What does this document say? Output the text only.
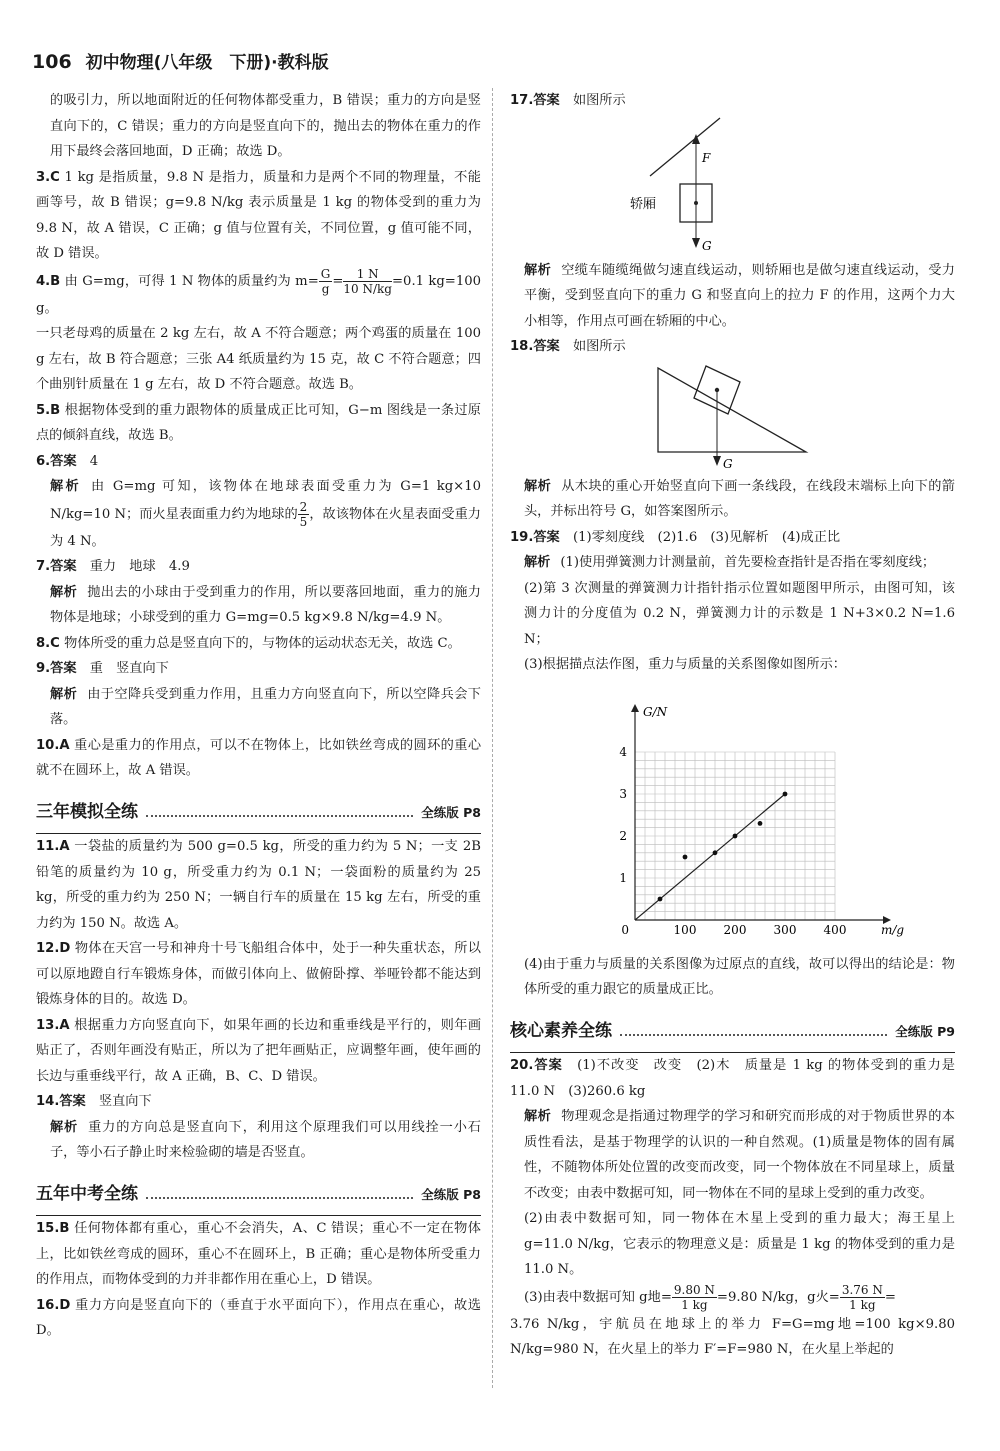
106 初中物理(八年级　下册)·教科版

的吸引力，所以地面附近的任何物体都受重力，B 错误；重力的方向是竖直向下的，C 错误；重力的方向是竖直向下的，抛出去的物体在重力的作用下最终会落回地面，D 正确；故选 D。

3.C 1 kg 是指质量，9.8 N 是指力，质量和力是两个不同的物理量，不能画等号，故 B 错误；g=9.8 N/kg 表示质量是 1 kg 的物体受到的重力为 9.8 N，故 A 错误，C 正确；g 值与位置有关，不同位置，g 值可能不同，故 D 错误。

4.B 由 G=mg，可得 1 N 物体的质量约为 $m= \frac{G}{g} = \frac{1 N}{10 N/kg} =0.1$ kg=100 g。

一只老母鸡的质量在 2 kg 左右，故 A 不符合题意；两个鸡蛋的质量在 100 g 左右，故 B 符合题意；三张 A4 纸质量约为 15 克，故 C 不符合题意；四个曲别针质量在 1 g 左右，故 D 不符合题意。故选 B。

5.B 根据物体受到的重力跟物体的质量成正比可知，G−m 图线是一条过原点的倾斜直线，故选 B。

6.答案　 4

解析 由 G=mg 可知，该物体在地球表面受重力为 G=1 kg×10 N/kg=10 N；而火星表面重力约为地球的 $\frac{2}{5}$ ，故该物体在火星表面受重力为 4 N。

7.答案　 重力　地球　4.9

解析 抛出去的小球由于受到重力的作用，所以要落回地面，重力的施力物体是地球；小球受到的重力 G=mg=0.5 kg×9.8 N/kg=4.9 N。

8.C 物体所受的重力总是竖直向下的，与物体的运动状态无关，故选 C。

9.答案　 重　竖直向下

解析 由于空降兵受到重力作用，且重力方向竖直向下，所以空降兵会下落。

10.A 重心是重力的作用点，可以不在物体上，比如铁丝弯成的圆环的重心就不在圆环上，故 A 错误。

三年模拟全练	全练版 P8

11.A 一袋盐的质量约为 500 g=0.5 kg，所受的重力约为 5 N；一支 2B 铅笔的质量约为 10 g，所受重力约为 0.1 N；一袋面粉的质量约为 25 kg，所受的重力约为 250 N；一辆自行车的质量在 15 kg 左右，所受的重力约为 150 N。故选 A。

12.D 物体在天宫一号和神舟十号飞船组合体中，处于一种失重状态，所以可以原地蹬自行车锻炼身体，而做引体向上、做俯卧撑、举哑铃都不能达到锻炼身体的目的。故选 D。

13.A 根据重力方向竖直向下，如果年画的长边和重垂线是平行的，则年画贴正了，否则年画没有贴正，所以为了把年画贴正，应调整年画，使年画的长边与重垂线平行，故 A 正确，B、C、D 错误。

14.答案　 竖直向下

解析 重力的方向总是竖直向下，利用这个原理我们可以用线拴一小石子，等小石子静止时来检验砌的墙是否竖直。

五年中考全练	全练版 P8

15.B 任何物体都有重心，重心不会消失，A、C 错误；重心不一定在物体上，比如铁丝弯成的圆环，重心不在圆环上，B 正确；重心是物体所受重力的作用点，而物体受到的力并非都作用在重心上，D 错误。

16.D 重力方向是竖直向下的（垂直于水平面向下），作用点在重心，故选 D。

17.答案　 如图所示

F
G
轿厢

解析 空缆车随缆绳做匀速直线运动，则轿厢也是做匀速直线运动，受力平衡，受到竖直向下的重力 G 和竖直向上的拉力 F 的作用，这两个力大小相等，作用点可画在轿厢的中心。

18.答案　 如图所示

G

解析 从木块的重心开始竖直向下画一条线段，在线段末端标上向下的箭头，并标出符号 G，如答案图所示。

19.答案　 (1)零刻度线　(2)1.6　(3)见解析　(4)成正比

解析 (1)使用弹簧测力计测量前，首先要检查指针是否指在零刻度线；

(2)第 3 次测量的弹簧测力计指针指示位置如题图甲所示，由图可知，该测力计的分度值为 0.2 N，弹簧测力计的示数是 1 N+3×0.2 N=1.6 N；

(3)根据描点法作图，重力与质量的关系图像如图所示：

100 200 300 400
1
2
3
4
0	m/g
G/N

(4)由于重力与质量的关系图像为过原点的直线，故可以得出的结论是：物体所受的重力跟它的质量成正比。

核心素养全练	全练版 P9

20.答案　 (1)不改变　改变　(2)木　质量是 1 kg 的物体受到的重力是 11.0 N　(3)260.6 kg

解析 物理观念是指通过物理学的学习和研究而形成的对于物质世界的本质性看法，是基于物理学的认识的一种自然观。(1)质量是物体的固有属性，不随物体所处位置的改变而改变，同一个物体放在不同星球上，质量不改变；由表中数据可知，同一物体在不同的星球上受到的重力改变。

(2)由表中数据可知，同一物体在木星上受到的重力最大；海王星上 g=11.0 N/kg，它表示的物理意义是：质量是 1 kg 的物体受到的重力是 11.0 N。

(3)由表中数据可知 g地= $\frac{9.80 N}{1 kg} =9.80$ N/kg，g火= $\frac{3.76 N}{1 kg}$ =

3.76 N/kg，宇航员在地球上的举力 F=G=mg地=100 kg×9.80 N/kg=980 N，在火星上的举力 F′=F=980 N，在火星上举起的
